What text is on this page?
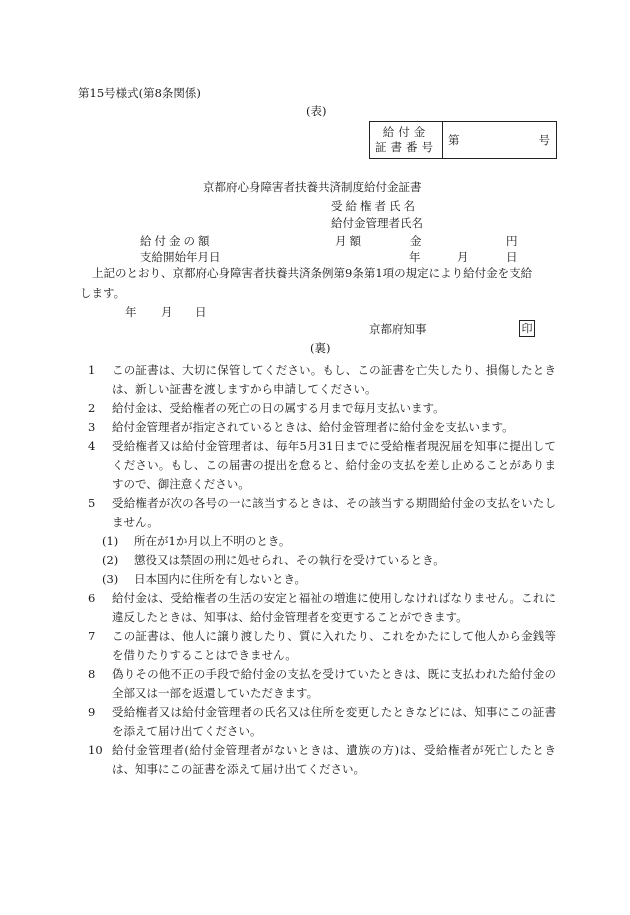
第15号様式(第8条関係)
(表)
給付金
証書番号 第	号
京都府心身障害者扶養共済制度給付金証書
受給権者氏名
給付金管理者氏名
給付金の額	月額	金	円
支給開始年月日	年	月	日
上記のとおり、京都府心身障害者扶養共済条例第9条第1項の規定により給付金を支給
します。
年 月 日
京都府知事	印
(裏)
1	この証書は、大切に保管してください。もし、この証書を亡失したり、損傷したときは、新しい証書を渡しますから申請してください。
2	給付金は、受給権者の死亡の日の属する月まで毎月支払います。
3	給付金管理者が指定されているときは、給付金管理者に給付金を支払います。
4	受給権者又は給付金管理者は、毎年5月31日までに受給権者現況届を知事に提出してください。もし、この届書の提出を怠ると、給付金の支払を差し止めることがありますので、御注意ください。
5	受給権者が次の各号の一に該当するときは、その該当する期間給付金の支払をいたしません。
(1)	所在が1か月以上不明のとき。
(2)	懲役又は禁固の刑に処せられ、その執行を受けているとき。
(3)	日本国内に住所を有しないとき。
6	給付金は、受給権者の生活の安定と福祉の増進に使用しなければなりません。これに違反したときは、知事は、給付金管理者を変更することができます。
7	この証書は、他人に譲り渡したり、質に入れたり、これをかたにして他人から金銭等を借りたりすることはできません。
8	偽りその他不正の手段で給付金の支払を受けていたときは、既に支払われた給付金の全部又は一部を返還していただきます。
9	受給権者又は給付金管理者の氏名又は住所を変更したときなどには、知事にこの証書を添えて届け出てください。
10 給付金管理者(給付金管理者がないときは、遺族の方)は、受給権者が死亡したときは、知事にこの証書を添えて届け出てください。
